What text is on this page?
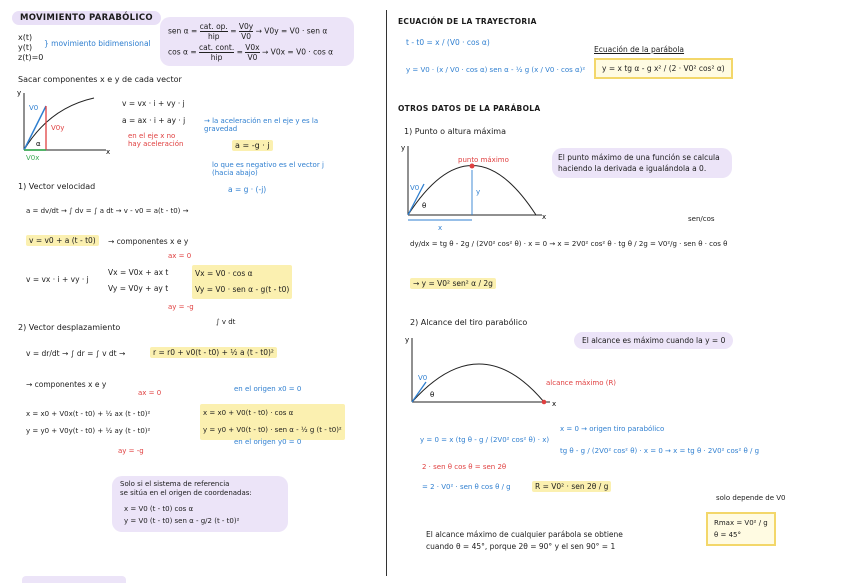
MOVIMIENTO PARABÓLICO
x(t)
y(t)
z(t)=0
} movimiento bidimensional
sen α = cat. op.
hip = $\frac{V0y}{V0} \to V0y = V0$ · sen α
cos α = cat. cont.
hip = $\frac{V0x}{V0} \to V0x = V0 \cdot \cos \alpha$
Sacar componentes x e y de cada vector
y
x
V0
V0y
V0x
α
v = vx · i + vy · j
a = ax · i + ay · j
en el eje x no hay aceleración
→ la aceleración en el eje y es la gravedad
a = -g · j
lo que es negativo es el vector j (hacia abajo)
a = g · (-j)
1) Vector velocidad
a = dv/dt → ∫ dv = ∫ a dt → v - v0 = a(t - t0) →
v = v0 + a (t - t0)	→ componentes x e y
ax = 0
v = vx · i + vy · j
Vx = V0x + ax t
Vy = V0y + ay t
Vx = V0 · cos α
Vy = V0 · sen α - g(t - t0)
ay = -g
2) Vector desplazamiento
∫ v dt
v = dr/dt → ∫ dr = ∫ v dt →	r = r0 + v0(t - t0) + ½ a (t - t0)²
→ componentes x e y
ax = 0	en el origen x0 = 0
x = x0 + V0x(t - t0) + ½ ax (t - t0)²
y = y0 + V0y(t - t0) + ½ ay (t - t0)²
x = x0 + V0(t - t0) · cos α
y = y0 + V0(t - t0) · sen α - ½ g (t - t0)²
ay = -g
en el origen y0 = 0
Solo si el sistema de referencia
se sitúa en el origen de coordenadas:
x = V0 (t - t0) cos α
y = V0 (t - t0) sen α - g/2 (t - t0)²
ECUACIÓN DE LA TRAYECTORIA
t - t0 = x / (V0 · cos α)
y = V0 · (x / V0 · cos α) sen α - ½ g (x / V0 · cos α)²
Ecuación de la parábola
y = x tg α - g x² / (2 · V0² cos² α)
OTROS DATOS DE LA PARÁBOLA
1) Punto o altura máxima
y
x
V0
θ
x
y
punto máximo	El punto máximo de una función se calcula haciendo la derivada e igualándola a 0.
sen/cos
dy/dx = tg θ - 2g / (2V0² cos² θ) · x = 0 → x = 2V0² cos² θ · tg θ / 2g = V0²/g · sen θ · cos θ
→ y = V0² sen² α / 2g
2) Alcance del tiro parabólico
El alcance es máximo cuando la y = 0
y
x
V0
θ
alcance máximo (R)
y = 0 = x (tg θ - g / (2V0² cos² θ) · x)
x = 0 → origen tiro parabólico
tg θ - g / (2V0² cos² θ) · x = 0 → x = tg θ · 2V0² cos² θ / g
2 · sen θ cos θ = sen 2θ
= 2 · V0² · sen θ cos θ / g	R = V0² · sen 2θ / g
solo depende de V0
Rmax = V0² / g
θ = 45°
El alcance máximo de cualquier parábola se obtiene
cuando θ = 45°, porque 2θ = 90° y el sen 90° = 1
